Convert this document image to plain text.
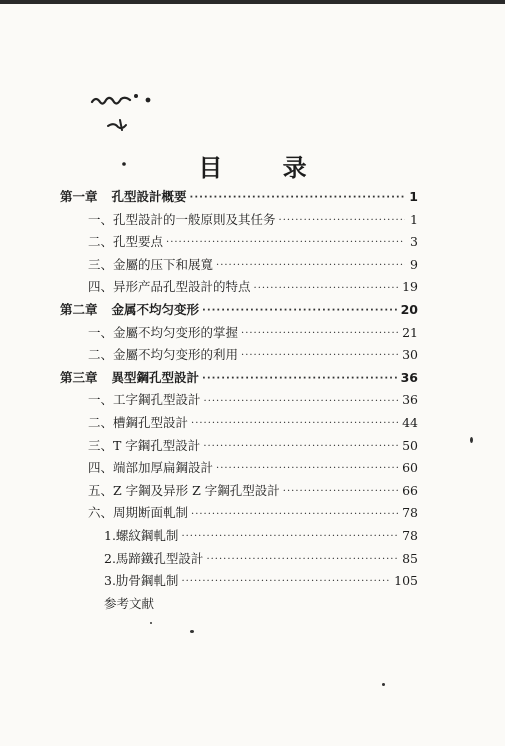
目 录
第一章 孔型設計概要 ·····	1
一、孔型設計的一般原則及其任务 ·····	1
二、孔型要点 ·····	3
三、金屬的压下和展寬 ·····	9
四、异形产品孔型設計的特点 ·····	19
第二章 金属不均匀变形 ·····	20
一、金屬不均匀变形的掌握 ·····	21
二、金屬不均匀变形的利用 ·····	30
第三章 異型鋼孔型設計 ·····	36
一、工字鋼孔型設計 ·····	36
二、槽鋼孔型設計 ·····	44
三、T 字鋼孔型設計 ·····	50
四、端部加厚扁鋼設計 ·····	60
五、Z 字鋼及异形 Z 字鋼孔型設計 ·····	66
六、周期断面軋制 ·····	78
1.螺紋鋼軋制 ·····	78
2.馬蹄鐵孔型設計 ·····	85
3.肋骨鋼軋制 ·····	105
参考文献
